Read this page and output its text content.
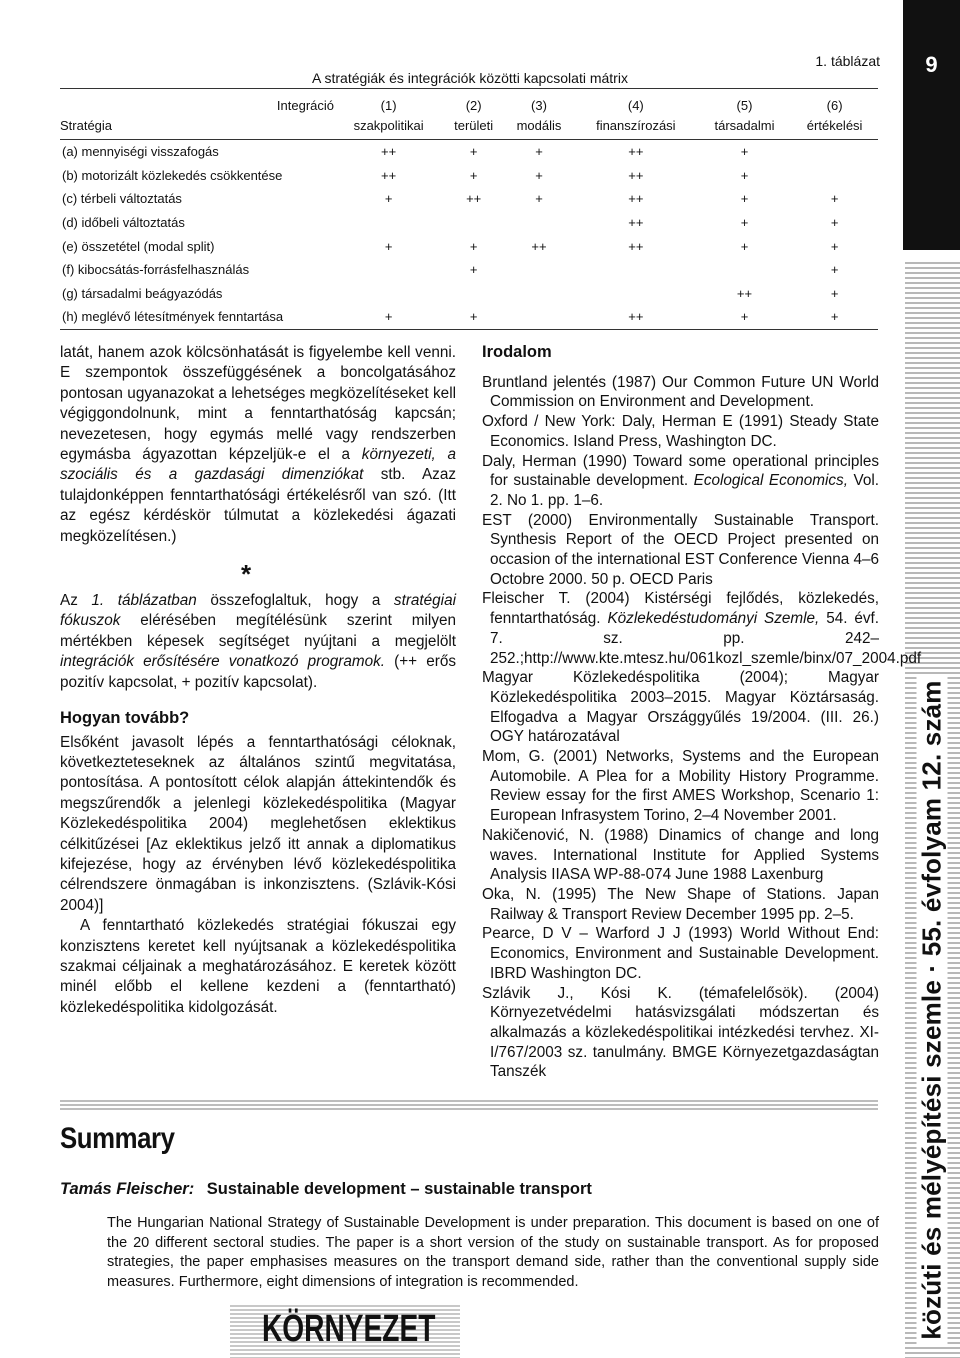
9
közúti és mélyépítési szemle · 55. évfolyam 12. szám
1. táblázat
A stratégiák és integrációk közötti kapcsolati mátrix
Integráció	(1)	(2)	(3)	(4)	(5)	(6)
Stratégia	szakpolitikai	területi	modális	finanszírozási	társadalmi	értékelési
(a) mennyiségi visszafogás	++	+	+	++	+	
(b) motorizált közlekedés csökkentése	++	+	+	++	+	
(c) térbeli változtatás	+	++	+	++	+	+
(d) időbeli változtatás				++	+	+
(e) összetétel (modal split)	+	+	++	++	+	+
(f) kibocsátás-forrásfelhasználás		+				+
(g) társadalmi beágyazódás					++	+
(h) meglévő létesítmények fenntartása	+	+		++	+	+

latát, hanem azok kölcsönhatását is figyelembe kell venni. E szempontok összefüggésének a boncolgatásához pontosan ugyanazokat a lehetséges megközelítéseket kell végiggondolnunk, mint a fenntarthatóság kapcsán; nevezetesen, hogy egymás mellé vagy rendszerben egymásba ágyazottan képzeljük-e el a környezeti, a szociális és a gazdasági dimenziókat stb. Azaz tulajdonképpen fenntarthatósági értékelésről van szó. (Itt az egész kérdéskör túlmutat a közlekedési ágazati megközelítésen.)

*

Az 1. táblázatban összefoglaltuk, hogy a stratégiai fókuszok elérésében megítélésünk szerint milyen mértékben képesek segítséget nyújtani a megjelölt integrációk erősítésére vonatkozó programok. (++ erős pozitív kapcsolat, + pozitív kapcsolat).

Hogyan tovább?

Elsőként javasolt lépés a fenntarthatósági céloknak, következteteseknek az általános szintű megvitatása, pontosítása. A pontosított célok alapján áttekintendők és megszűrendők a jelenlegi közlekedéspolitika (Magyar Közlekedéspolitika 2004) meglehetősen eklektikus célkitűzései [Az eklektikus jelző itt annak a diplomatikus kifejezése, hogy az érvényben lévő közlekedéspolitika célrendszere önmagában is inkonzisztens. (Szlávik-Kósi 2004)]

A fenntartható közlekedés stratégiai fókuszai egy konzisztens keretet kell nyújtsanak a közlekedéspolitika szakmai céljainak a meghatározásához. E keretek között minél előbb el kellene kezdeni a (fenntartható) közlekedéspolitika kidolgozását.

Irodalom

Bruntland jelentés (1987) Our Common Future UN World Commission on Environment and Development.

Oxford / New York: Daly, Herman E (1991) Steady State Economics. Island Press, Washington DC.

Daly, Herman (1990) Toward some operational principles for sustainable development. Ecological Economics, Vol. 2. No 1. pp. 1–6.

EST (2000) Environmentally Sustainable Transport. Synthesis Report of the OECD Project presented on occasion of the international EST Conference Vienna 4–6 Octobre 2000. 50 p. OECD Paris

Fleischer T. (2004) Kistérségi fejlődés, közlekedés, fenntarthatóság. Közlekedéstudományi Szemle, 54. évf. 7. sz. pp. 242–252.;http://www.kte.mtesz.hu/061kozl_szemle/binx/07_2004.pdf

Magyar Közlekedéspolitika (2004); Magyar Közlekedéspolitika 2003–2015. Magyar Köztársaság. Elfogadva a Magyar Országgyűlés 19/2004. (III. 26.) OGY határozatával

Mom, G. (2001) Networks, Systems and the European Automobile. A Plea for a Mobility History Programme. Review essay for the first AMES Workshop, Scenario 1: European Infrasystem Torino, 2–4 November 2001.

Nakičenović, N. (1988) Dinamics of change and long waves. International Institute for Applied Systems Analysis IIASA WP-88-074 June 1988 Laxenburg

Oka, N. (1995) The New Shape of Stations. Japan Railway & Transport Review December 1995 pp. 2–5.

Pearce, D V – Warford J J (1993) World Without End: Economics, Environment and Sustainable Development. IBRD Washington DC.

Szlávik J., Kósi K. (témafelelősök). (2004) Környezetvédelmi hatásvizsgálati módszertan és alkalmazás a közlekedéspolitikai intézkedési tervhez. XI-I/767/2003 sz. tanulmány. BMGE Környezetgazdaságtan Tanszék

Summary
Tamás Fleischer: Sustainable development – sustainable transport
The Hungarian National Strategy of Sustainable Development is under preparation. This document is based on one of the 20 different sectoral studies. The paper is a short version of the study on sustainable transport. As for proposed strategies, the paper emphasises measures on the transport demand side, rather than the conventional supply side measures. Furthermore, eight dimensions of integration is recommended.
KÖRNYEZET
